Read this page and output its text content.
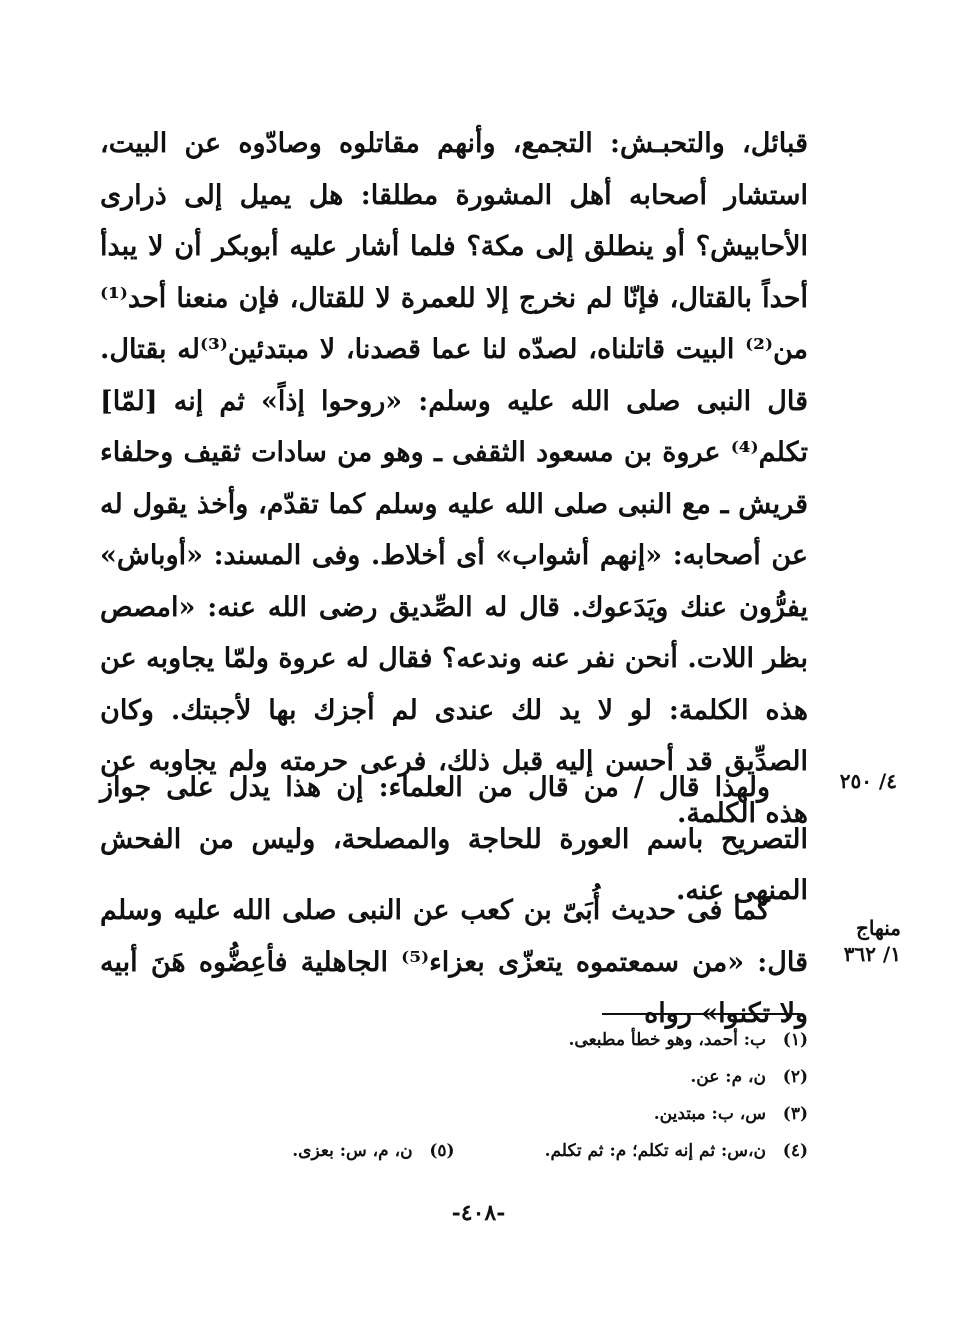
قبائل، والتحبـش: التجمع، وأنهم مقاتلوه وصادّوه عن البيت، استشار أصحابه أهل المشورة مطلقا: هل يميل إلى ذرارى الأحابيش؟ أو ينطلق إلى مكة؟ فلما أشار عليه أبوبكر أن لا يبدأ أحداً بالقتال، فإنّا لم نخرج إلا للعمرة لا للقتال، فإن منعنا أحد⁽¹⁾ من⁽²⁾ البيت قاتلناه، لصدّه لنا عما قصدنا، لا مبتدئين⁽³⁾له بقتال. قال النبى صلى الله عليه وسلم: «روحوا إذاً» ثم إنه [لمّا] تكلم⁽⁴⁾ عروة بن مسعود الثقفى ـ وهو من سادات ثقيف وحلفاء قريش ـ مع النبى صلى الله عليه وسلم كما تقدّم، وأخذ يقول له عن أصحابه: «إنهم أشواب» أى أخلاط. وفى المسند: «أوباش» يفرُّون عنك ويَدَعوك. قال له الصِّديق رضى الله عنه: «امصص بظر اللات. أنحن نفر عنه وندعه؟ فقال له عروة ولمّا يجاوبه عن هذه الكلمة: لو لا يد لك عندى لم أجزك بها لأجبتك. وكان الصدِّيق قد أحسن إليه قبل ذلك، فرعى حرمته ولم يجاوبه عن هذه الكلمة.

٤/ ٢٥٠

ولهذا قال / من قال من العلماء: إن هذا يدل على جواز التصريح باسم العورة للحاجة والمصلحة، وليس من الفحش المنهى عنه.

منهاج
١/ ٣٦٢

كما فى حديث أُبَىّ بن كعب عن النبى صلى الله عليه وسلم قال: «من سمعتموه يتعزّى بعزاء⁽⁵⁾ الجاهلية فأعِضُّوه هَنَ أبيه ولا تكنوا» رواه

(١)
ب: أحمد، وهو خطأ مطبعى.
(٢)
ن، م: عن.
(٣)
س، ب: مبتدين.
(٤)
ن،س: ثم إنه تكلم؛ م: ثم تكلم.
(٥)
ن، م، س: بعزى.
-٤٠٨-
